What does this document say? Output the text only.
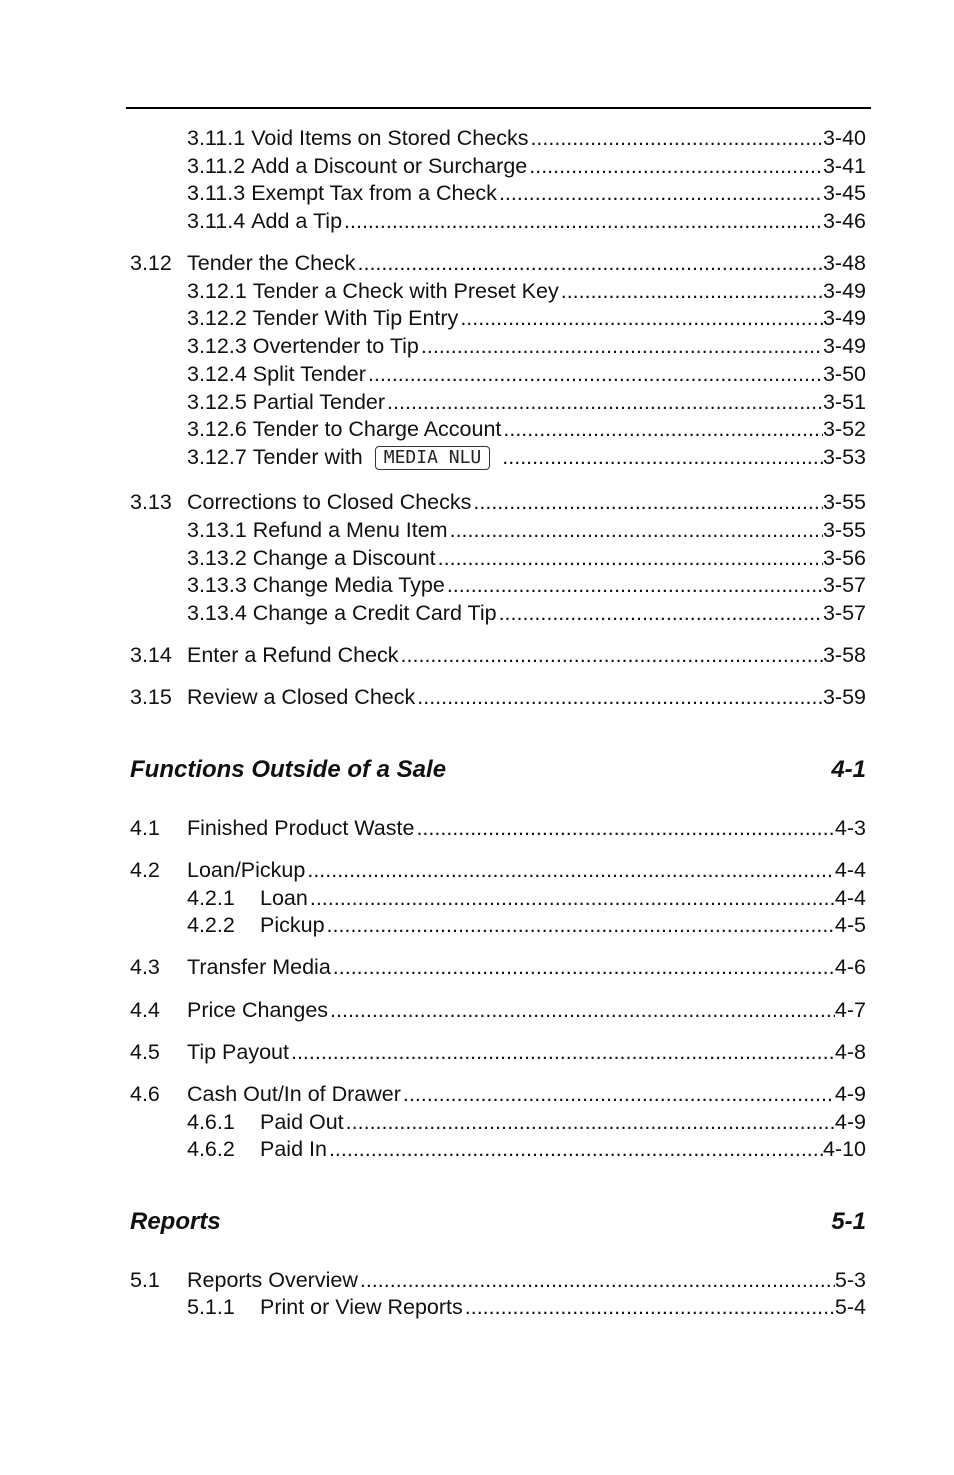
3.11.1 Void Items on Stored Checks .....	3-40
3.11.2 Add a Discount or Surcharge .....	3-41
3.11.3 Exempt Tax from a Check .....	3-45
3.11.4 Add a Tip .....	3-46
3.12 Tender the Check .....	3-48
3.12.1 Tender a Check with Preset Key .....	3-49
3.12.2 Tender With Tip Entry .....	3-49
3.12.3 Overtender to Tip .....	3-49
3.12.4 Split Tender .....	3-50
3.12.5 Partial Tender .....	3-51
3.12.6 Tender to Charge Account .....	3-52
3.12.7 Tender with	MEDIA NLU .....	3-53
3.13 Corrections to Closed Checks .....	3-55
3.13.1 Refund a Menu Item .....	3-55
3.13.2 Change a Discount .....	3-56
3.13.3 Change Media Type .....	3-57
3.13.4 Change a Credit Card Tip .....	3-57
3.14 Enter a Refund Check .....	3-58
3.15 Review a Closed Check .....	3-59
Functions Outside of a Sale	4-1
4.1	Finished Product Waste .....	4-3
4.2	Loan/Pickup .....	4-4
4.2.1	Loan .....	4-4
4.2.2	Pickup .....	4-5
4.3	Transfer Media .....	4-6
4.4	Price Changes .....	4-7
4.5	Tip Payout .....	4-8
4.6	Cash Out/In of Drawer .....	4-9
4.6.1	Paid Out .....	4-9
4.6.2	Paid In .....	4-10
Reports	5-1
5.1	Reports Overview .....	5-3
5.1.1	Print or View Reports .....	5-4
